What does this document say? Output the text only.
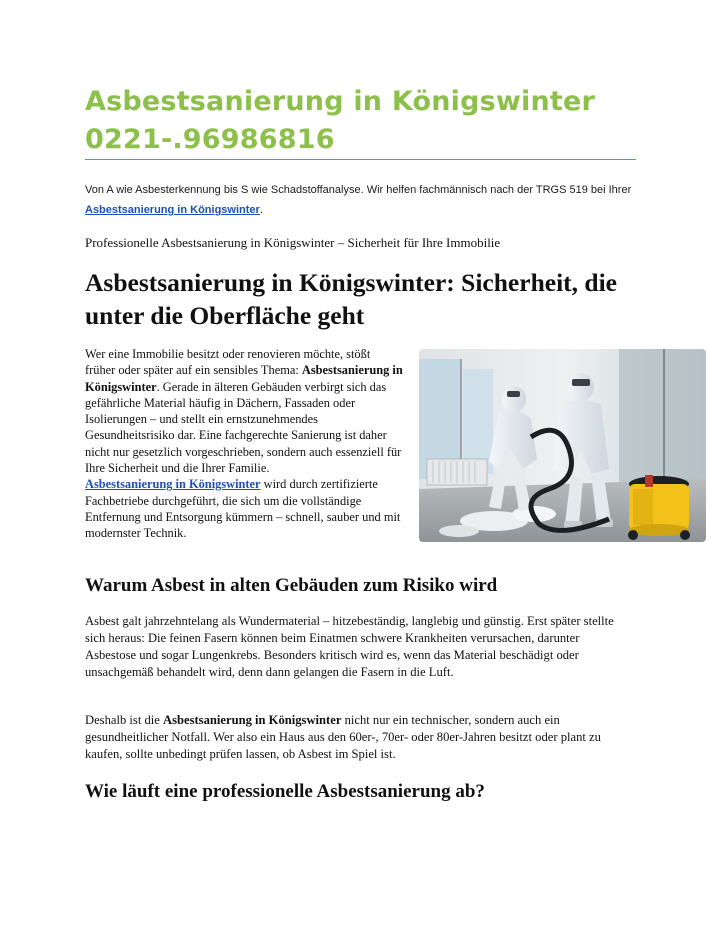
Asbestsanierung in Königswinter
0221-.96986816

Von A wie Asbesterkennung bis S wie Schadstoffanalyse. Wir helfen fachmännisch nach der TRGS 519 bei Ihrer Asbestsanierung in Königswinter.

Professionelle Asbestsanierung in Königswinter – Sicherheit für Ihre Immobilie

Asbestsanierung in Königswinter: Sicherheit, die unter die Oberfläche geht

Wer eine Immobilie besitzt oder renovieren möchte, stößt früher oder später auf ein sensibles Thema: Asbestsanierung in Königswinter. Gerade in älteren Gebäuden verbirgt sich das gefährliche Material häufig in Dächern, Fassaden oder Isolierungen – und stellt ein ernstzunehmendes Gesundheitsrisiko dar. Eine fachgerechte Sanierung ist daher nicht nur gesetzlich vorgeschrieben, sondern auch essenziell für Ihre Sicherheit und die Ihrer Familie.

Asbestsanierung in Königswinter wird durch zertifizierte Fachbetriebe durchgeführt, die sich um die vollständige Entfernung und Entsorgung kümmern – schnell, sauber und mit modernster Technik.

Warum Asbest in alten Gebäuden zum Risiko wird

Asbest galt jahrzehntelang als Wundermaterial – hitzebeständig, langlebig und günstig. Erst später stellte sich heraus: Die feinen Fasern können beim Einatmen schwere Krankheiten verursachen, darunter Asbestose und sogar Lungenkrebs. Besonders kritisch wird es, wenn das Material beschädigt oder unsachgemäß behandelt wird, denn dann gelangen die Fasern in die Luft.

Deshalb ist die Asbestsanierung in Königswinter nicht nur ein technischer, sondern auch ein gesundheitlicher Notfall. Wer also ein Haus aus den 60er-, 70er- oder 80er-Jahren besitzt oder plant zu kaufen, sollte unbedingt prüfen lassen, ob Asbest im Spiel ist.

Wie läuft eine professionelle Asbestsanierung ab?
